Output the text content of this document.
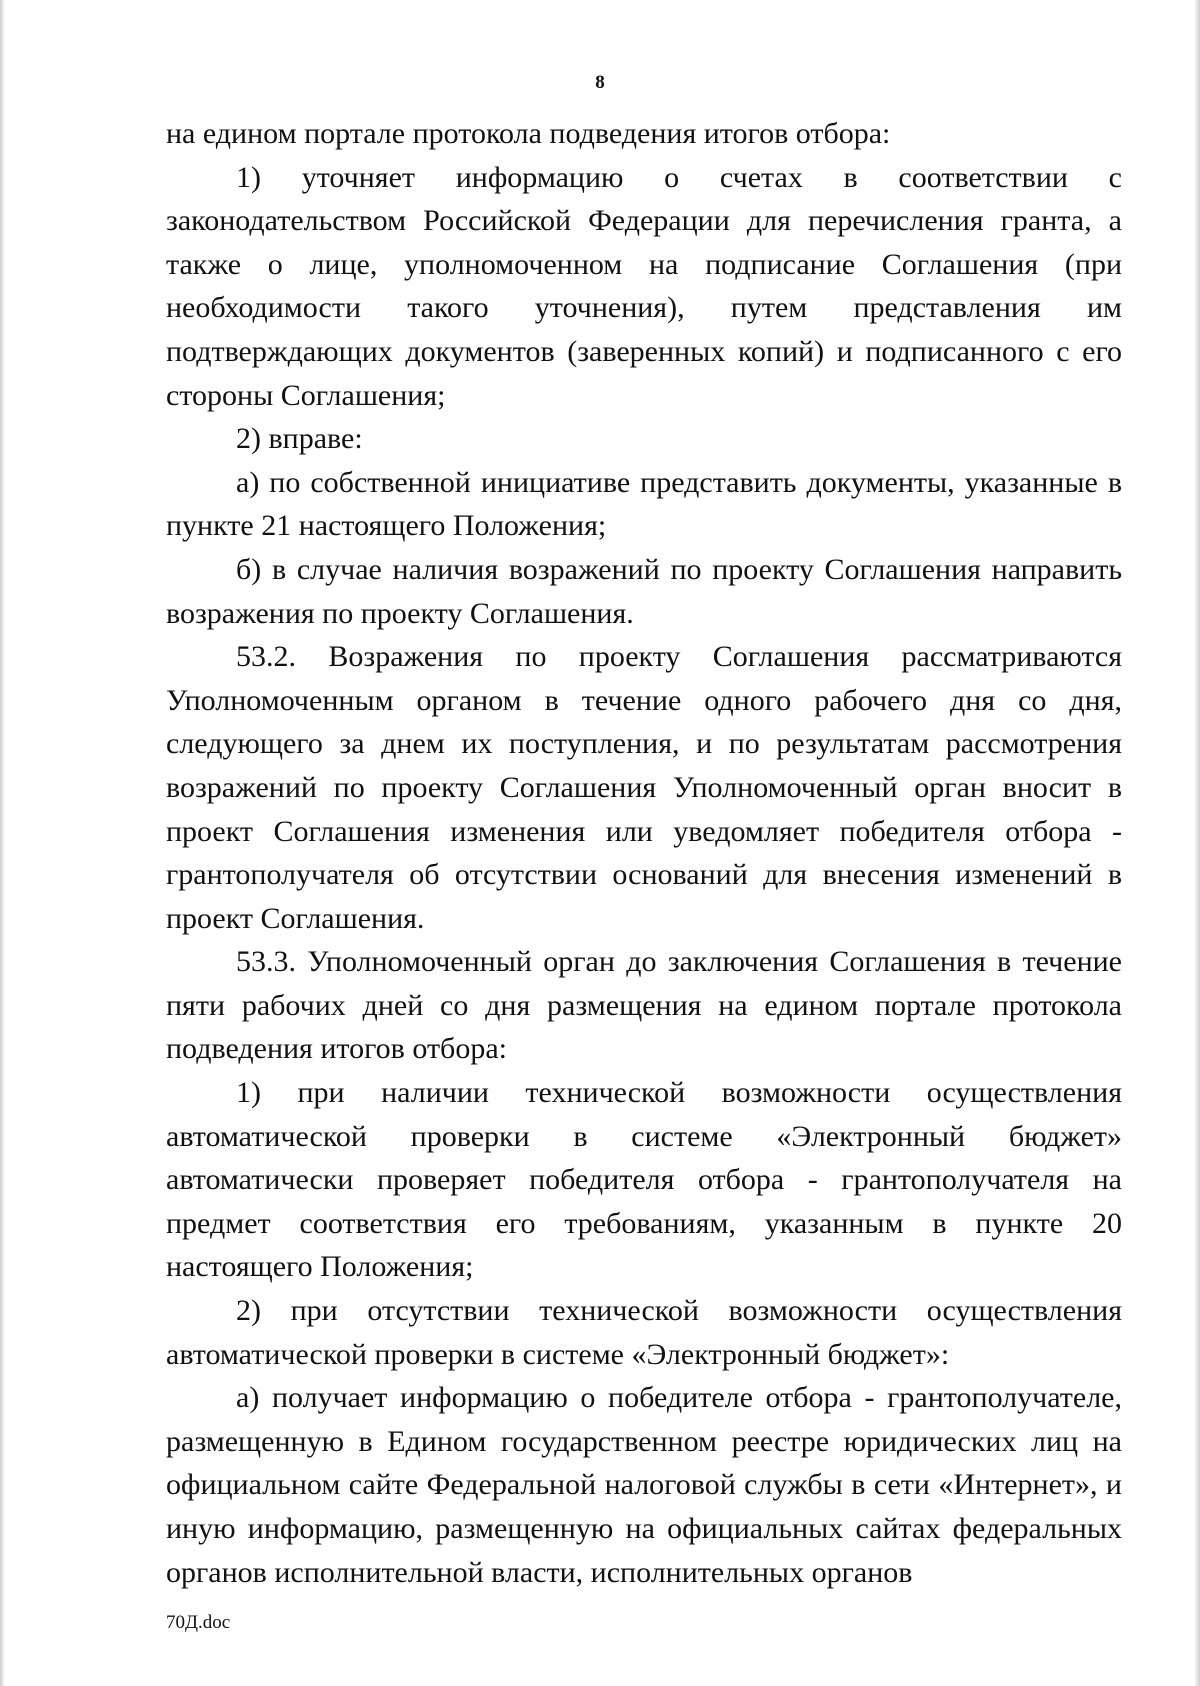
8

на едином портале протокола подведения итогов отбора:

1) уточняет информацию о счетах в соответствии с законодательством Российской Федерации для перечисления гранта, а также о лице, уполномоченном на подписание Соглашения (при необходимости такого уточнения), путем представления им подтверждающих документов (заверенных копий) и подписанного с его стороны Соглашения;

2) вправе:

а) по собственной инициативе представить документы, указанные в пункте 21 настоящего Положения;

б) в случае наличия возражений по проекту Соглашения направить возражения по проекту Соглашения.

53.2. Возражения по проекту Соглашения рассматриваются Уполномоченным органом в течение одного рабочего дня со дня, следующего за днем их поступления, и по результатам рассмотрения возражений по проекту Соглашения Уполномоченный орган вносит в проект Соглашения изменения или уведомляет победителя отбора - грантополучателя об отсутствии оснований для внесения изменений в проект Соглашения.

53.3. Уполномоченный орган до заключения Соглашения в течение пяти рабочих дней со дня размещения на едином портале протокола подведения итогов отбора:

1) при наличии технической возможности осуществления автоматической проверки в системе «Электронный бюджет» автоматически проверяет победителя отбора - грантополучателя на предмет соответствия его требованиям, указанным в пункте 20 настоящего Положения;

2) при отсутствии технической возможности осуществления автоматической проверки в системе «Электронный бюджет»:

а) получает информацию о победителе отбора - грантополучателе, размещенную в Едином государственном реестре юридических лиц на официальном сайте Федеральной налоговой службы в сети «Интернет», и иную информацию, размещенную на официальных сайтах федеральных органов исполнительной власти, исполнительных органов

70Д.doc
